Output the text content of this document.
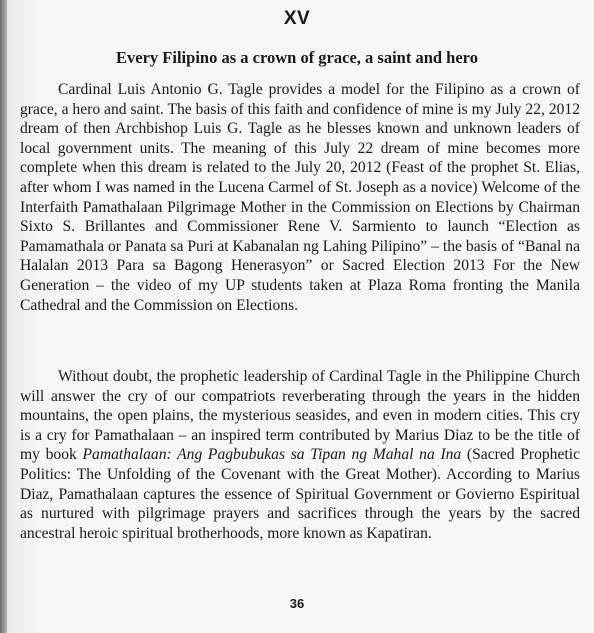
XV
Every Filipino as a crown of grace, a saint and hero

Cardinal Luis Antonio G. Tagle provides a model for the Filipino as a crown of grace, a hero and saint. The basis of this faith and confidence of mine is my July 22, 2012 dream of then Archbishop Luis G. Tagle as he blesses known and unknown leaders of local government units. The meaning of this July 22 dream of mine becomes more complete when this dream is related to the July 20, 2012 (Feast of the prophet St. Elias, after whom I was named in the Lucena Carmel of St. Joseph as a novice) Welcome of the Interfaith Pamathalaan Pilgrimage Mother in the Commission on Elections by Chairman Sixto S. Brillantes and Commissioner Rene V. Sarmiento to launch “Election as Pamamathala or Panata sa Puri at Kabanalan ng Lahing Pilipino” – the basis of “Banal na Halalan 2013 Para sa Bagong Henerasyon” or Sacred Election 2013 For the New Generation – the video of my UP students taken at Plaza Roma fronting the Manila Cathedral and the Commission on Elections.

Without doubt, the prophetic leadership of Cardinal Tagle in the Philippine Church will answer the cry of our compatriots reverberating through the years in the hidden mountains, the open plains, the mysterious seasides, and even in modern cities. This cry is a cry for Pamathalaan – an inspired term contributed by Marius Diaz to be the title of my book Pamathalaan: Ang Pagbubukas sa Tipan ng Mahal na Ina (Sacred Prophetic Politics: The Unfolding of the Covenant with the Great Mother). According to Marius Diaz, Pamathalaan captures the essence of Spiritual Government or Govierno Espiritual as nurtured with pilgrimage prayers and sacrifices through the years by the sacred ancestral heroic spiritual brotherhoods, more known as Kapatiran.

36
